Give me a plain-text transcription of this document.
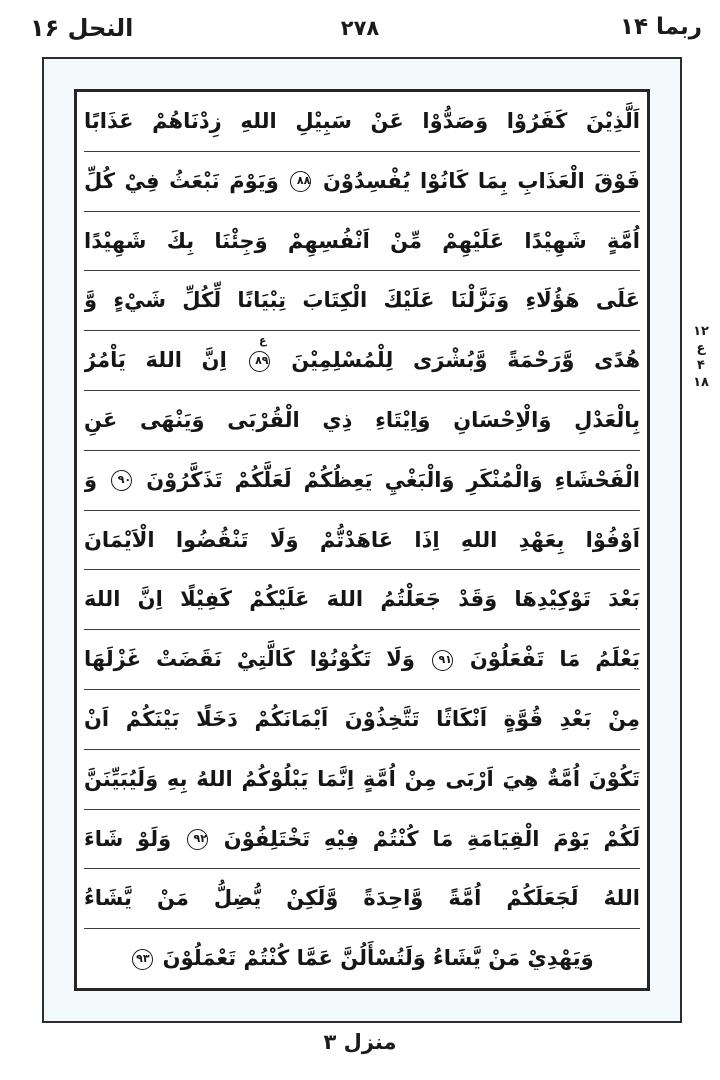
ربما ۱۴
۲۷۸
النحل ۱۶
۱۲
ع
۴
۱۸
اَلَّذِيْنَ كَفَرُوْا وَصَدُّوْا عَنْ سَبِيْلِ اللهِ زِدْنَاهُمْ عَذَابًا
فَوْقَ الْعَذَابِ بِمَا كَانُوْا يُفْسِدُوْنَ ۸۸ وَيَوْمَ نَبْعَثُ فِيْ كُلِّ
اُمَّةٍ شَهِيْدًا عَلَيْهِمْ مِّنْ اَنْفُسِهِمْ وَجِئْنَا بِكَ شَهِيْدًا
عَلَى هَؤُلَاءِ وَنَزَّلْنَا عَلَيْكَ الْكِتَابَ تِبْيَانًا لِّكُلِّ شَيْءٍ وَّ
هُدًى وَّرَحْمَةً وَّبُشْرَى لِلْمُسْلِمِيْنَ ۸۹
ع
اِنَّ اللهَ يَاْمُرُ
بِالْعَدْلِ وَالْاِحْسَانِ وَاِيْتَاءِ ذِي الْقُرْبَى وَيَنْهَى عَنِ
الْفَحْشَاءِ وَالْمُنْكَرِ وَالْبَغْيِ يَعِظُكُمْ لَعَلَّكُمْ تَذَكَّرُوْنَ ۹۰ وَ
اَوْفُوْا بِعَهْدِ اللهِ اِذَا عَاهَدْتُّمْ وَلَا تَنْقُضُوا الْاَيْمَانَ
بَعْدَ تَوْكِيْدِهَا وَقَدْ جَعَلْتُمُ اللهَ عَلَيْكُمْ كَفِيْلًا اِنَّ اللهَ
يَعْلَمُ مَا تَفْعَلُوْنَ ۹۱ وَلَا تَكُوْنُوْا كَالَّتِيْ نَقَضَتْ غَزْلَهَا
مِنْ بَعْدِ قُوَّةٍ اَنْكَاثًا تَتَّخِذُوْنَ اَيْمَانَكُمْ دَخَلًا بَيْنَكُمْ اَنْ
تَكُوْنَ اُمَّةٌ هِيَ اَرْبَى مِنْ اُمَّةٍ اِنَّمَا يَبْلُوْكُمُ اللهُ بِهِ وَلَيُبَيِّنَنَّ
لَكُمْ يَوْمَ الْقِيَامَةِ مَا كُنْتُمْ فِيْهِ تَخْتَلِفُوْنَ ۹۲ وَلَوْ شَاءَ
اللهُ لَجَعَلَكُمْ اُمَّةً وَّاحِدَةً وَّلَكِنْ يُّضِلُّ مَنْ يَّشَاءُ
وَيَهْدِيْ مَنْ يَّشَاءُ وَلَتُسْأَلُنَّ عَمَّا كُنْتُمْ تَعْمَلُوْنَ ۹۳
منزل ۳
